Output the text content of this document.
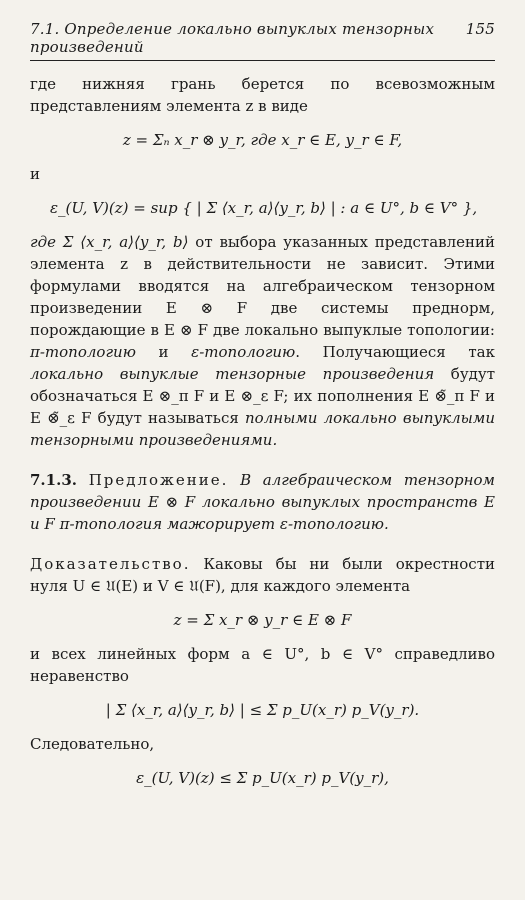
7.1. Определение локально выпуклых тензорных произведений
155

где нижняя грань берется по всевозможным представлениям элемента z в виде

z = Σₙ x_r ⊗ y_r, где x_r ∈ E, y_r ∈ F,

и

ε_(U, V)(z) = sup { | Σ ⟨x_r, a⟩⟨y_r, b⟩ | : a ∈ U°, b ∈ V° },

где Σ ⟨x_r, a⟩⟨y_r, b⟩ от выбора указанных представлений элемента z в действительности не зависит. Этими формулами вводятся на алгебраическом тензорном произведении E ⊗ F две системы преднорм, порождающие в E ⊗ F две локально выпуклые топологии: π-топологию и ε-топологию. Получающиеся так локально выпуклые тензорные произведения будут обозначаться E ⊗_π F и E ⊗_ε F; их пополнения E ⊗̃_π F и E ⊗̃_ε F будут называться полными локально выпуклыми тензорными произведениями.

7.1.3. Предложение. В алгебраическом тензорном произведении E ⊗ F локально выпуклых пространств E и F π-топология мажорирует ε-топологию.

Доказательство. Каковы бы ни были окрестности нуля U ∈ 𝔘(E) и V ∈ 𝔘(F), для каждого элемента

z = Σ x_r ⊗ y_r ∈ E ⊗ F

и всех линейных форм a ∈ U°, b ∈ V° справедливо неравенство

| Σ ⟨x_r, a⟩⟨y_r, b⟩ | ≤ Σ p_U(x_r) p_V(y_r).

Следовательно,

ε_(U, V)(z) ≤ Σ p_U(x_r) p_V(y_r),
